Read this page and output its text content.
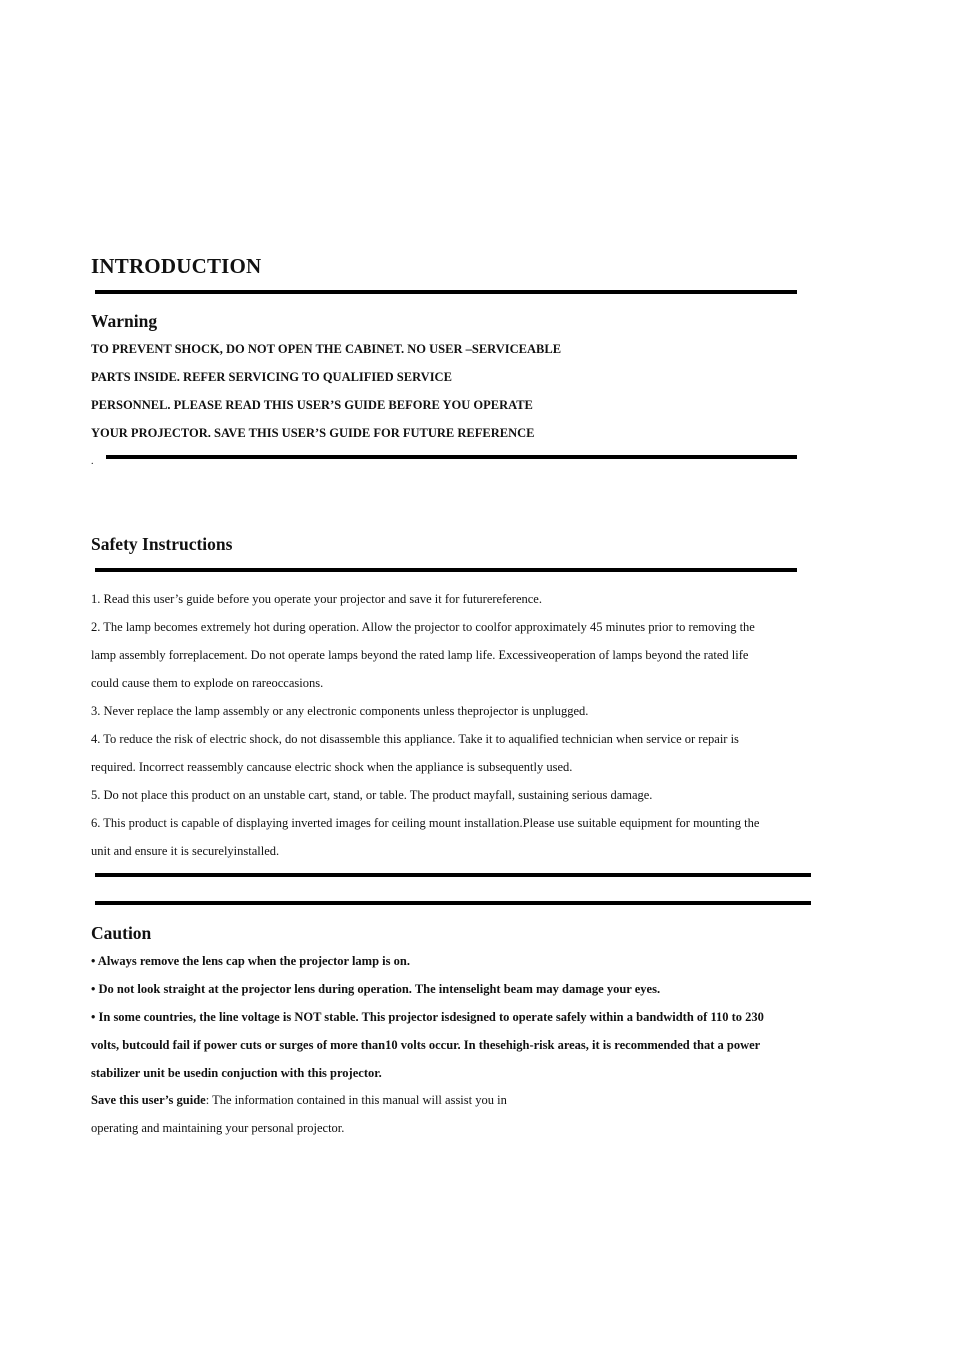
INTRODUCTION
Warning
TO PREVENT SHOCK, DO NOT OPEN THE CABINET. NO USER –SERVICEABLE
PARTS INSIDE. REFER SERVICING TO QUALIFIED SERVICE
PERSONNEL. PLEASE READ THIS USER’S GUIDE BEFORE YOU OPERATE
YOUR PROJECTOR. SAVE THIS USER’S GUIDE FOR FUTURE REFERENCE
.
Safety Instructions
1. Read this user’s guide before you operate your projector and save it for futurereference.
2. The lamp becomes extremely hot during operation. Allow the projector to coolfor approximately 45 minutes prior to removing the
lamp assembly forreplacement. Do not operate lamps beyond the rated lamp life. Excessiveoperation of lamps beyond the rated life
could cause them to explode on rareoccasions.
3. Never replace the lamp assembly or any electronic components unless theprojector is unplugged.
4. To reduce the risk of electric shock, do not disassemble this appliance. Take it to aqualified technician when service or repair is
required. Incorrect reassembly cancause electric shock when the appliance is subsequently used.
5. Do not place this product on an unstable cart, stand, or table. The product mayfall, sustaining serious damage.
6. This product is capable of displaying inverted images for ceiling mount installation.Please use suitable equipment for mounting the
unit and ensure it is securelyinstalled.
Caution
• Always remove the lens cap when the projector lamp is on.
• Do not look straight at the projector lens during operation. The intenselight beam may damage your eyes.
• In some countries, the line voltage is NOT stable. This projector isdesigned to operate safely within a bandwidth of 110 to 230
volts, butcould fail if power cuts or surges of more than10 volts occur. In thesehigh-risk areas, it is recommended that a power
stabilizer unit be usedin conjuction with this projector.
Save this user’s guide: The information contained in this manual will assist you in
operating and maintaining your personal projector.
